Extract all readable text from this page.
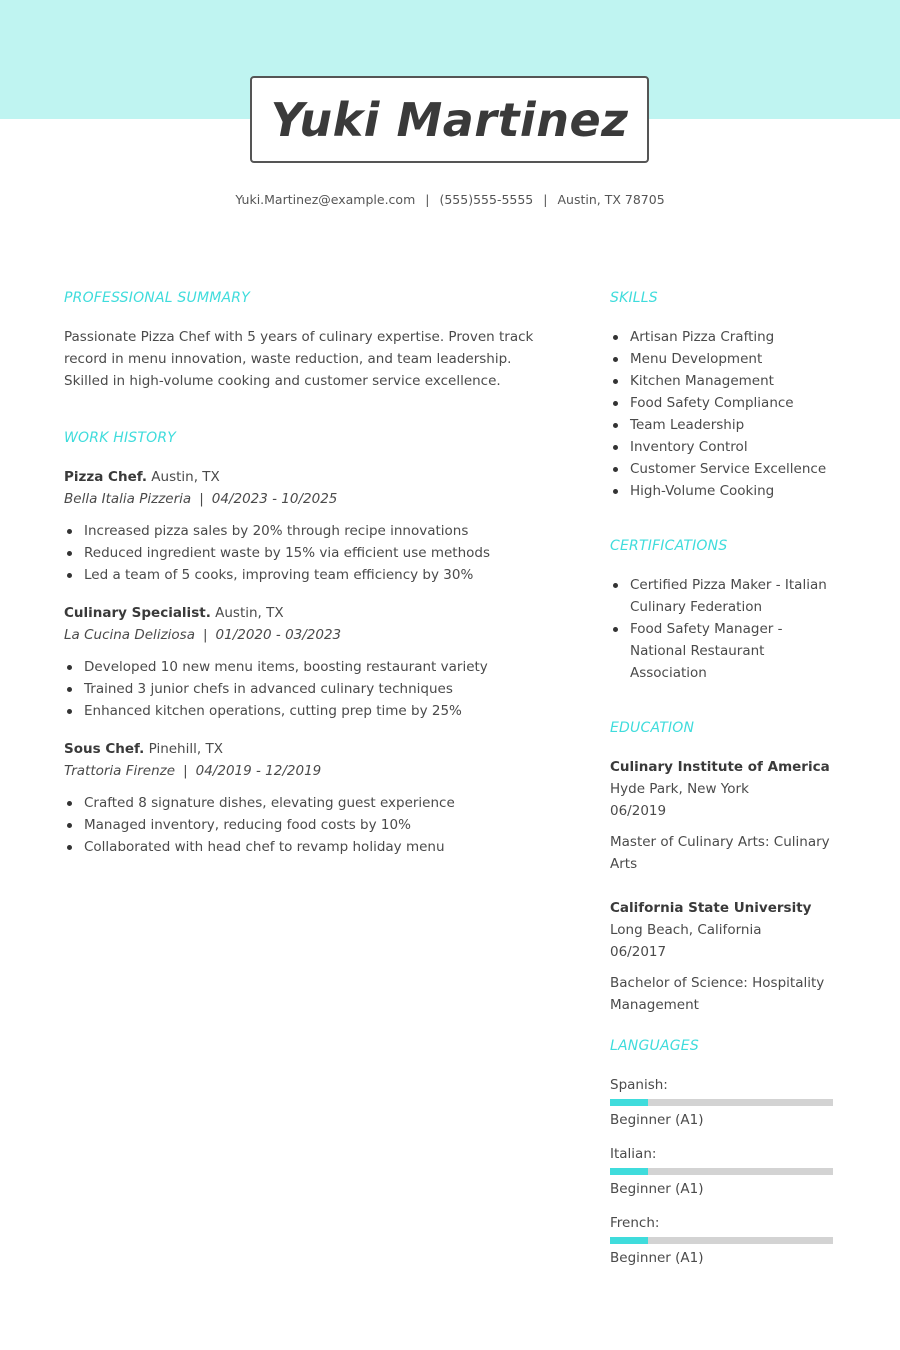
Yuki Martinez
Yuki.Martinez@example.com | (555)555-5555 | Austin, TX 78705
PROFESSIONAL SUMMARY

Passionate Pizza Chef with 5 years of culinary expertise. Proven track record in menu innovation, waste reduction, and team leadership. Skilled in high-volume cooking and customer service excellence.

WORK HISTORY
Pizza Chef. Austin, TX
Bella Italia Pizzeria | 04/2023 - 10/2025
Increased pizza sales by 20% through recipe innovations
Reduced ingredient waste by 15% via efficient use methods
Led a team of 5 cooks, improving team efficiency by 30%
Culinary Specialist. Austin, TX
La Cucina Deliziosa | 01/2020 - 03/2023
Developed 10 new menu items, boosting restaurant variety
Trained 3 junior chefs in advanced culinary techniques
Enhanced kitchen operations, cutting prep time by 25%
Sous Chef. Pinehill, TX
Trattoria Firenze | 04/2019 - 12/2019
Crafted 8 signature dishes, elevating guest experience
Managed inventory, reducing food costs by 10%
Collaborated with head chef to revamp holiday menu
SKILLS
Artisan Pizza Crafting
Menu Development
Kitchen Management
Food Safety Compliance
Team Leadership
Inventory Control
Customer Service Excellence
High-Volume Cooking
CERTIFICATIONS
Certified Pizza Maker - Italian Culinary Federation
Food Safety Manager - National Restaurant Association
EDUCATION
Culinary Institute of America
Hyde Park, New York
06/2019
Master of Culinary Arts: Culinary Arts
California State University
Long Beach, California
06/2017
Bachelor of Science: Hospitality Management
LANGUAGES
Spanish:
Beginner (A1)
Italian:
Beginner (A1)
French:
Beginner (A1)
